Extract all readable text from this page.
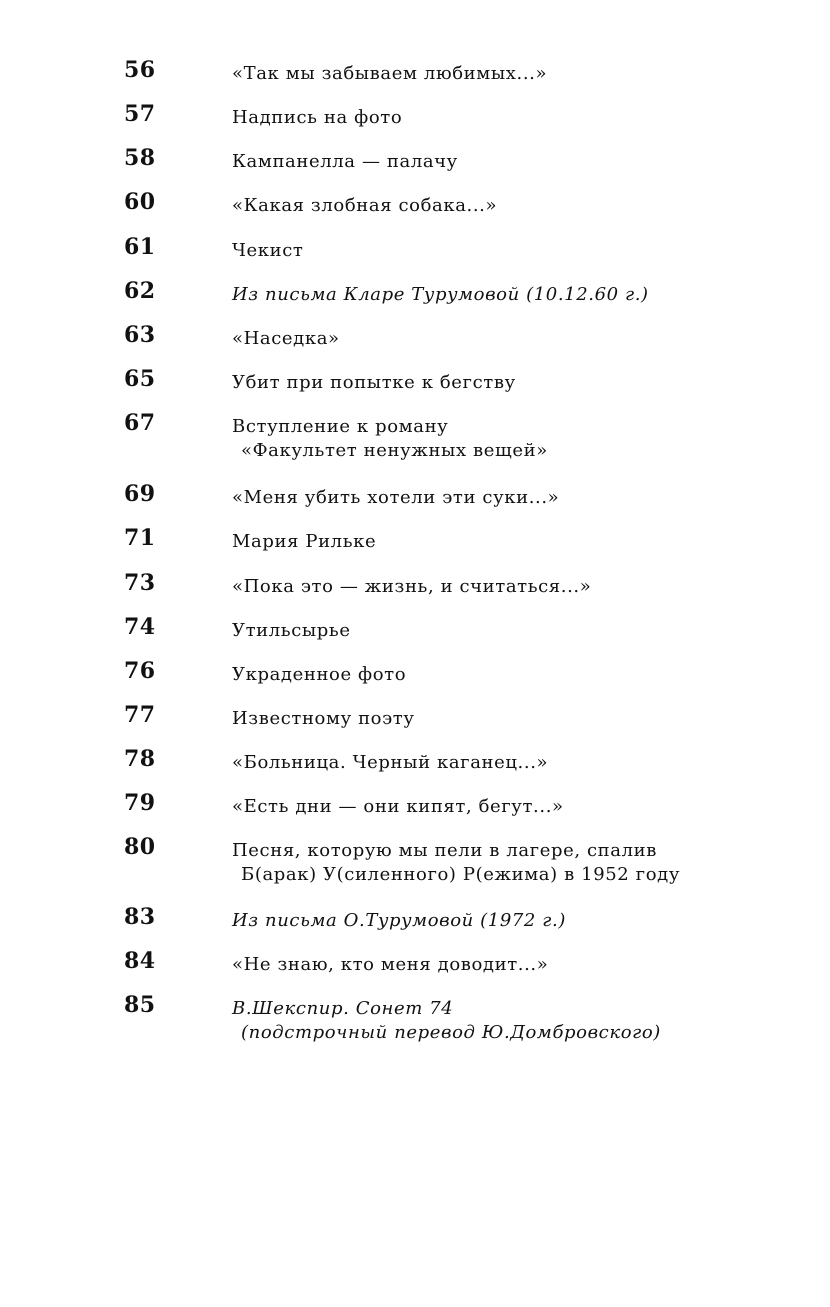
56	«Так мы забываем любимых...»
57	Надпись на фото
58	Кампанелла — палачу
60	«Какая злобная собака...»
61	Чекист
62	Из письма Кларе Турумовой (10.12.60 г.)
63	«Наседка»
65	Убит при попытке к бегству
67	Вступление к роману
«Факультет ненужных вещей»
69	«Меня убить хотели эти суки...»
71	Мария Рильке
73	«Пока это — жизнь, и считаться...»
74	Утильсырье
76	Украденное фото
77	Известному поэту
78	«Больница. Черный каганец...»
79	«Есть дни — они кипят, бегут...»
80	Песня, которую мы пели в лагере, спалив
Б(арак) У(силенного) Р(ежима) в 1952 году
83	Из письма О.Турумовой (1972 г.)
84	«Не знаю, кто меня доводит...»
85	В.Шекспир. Сонет 74
(подстрочный перевод Ю.Домбровского)
